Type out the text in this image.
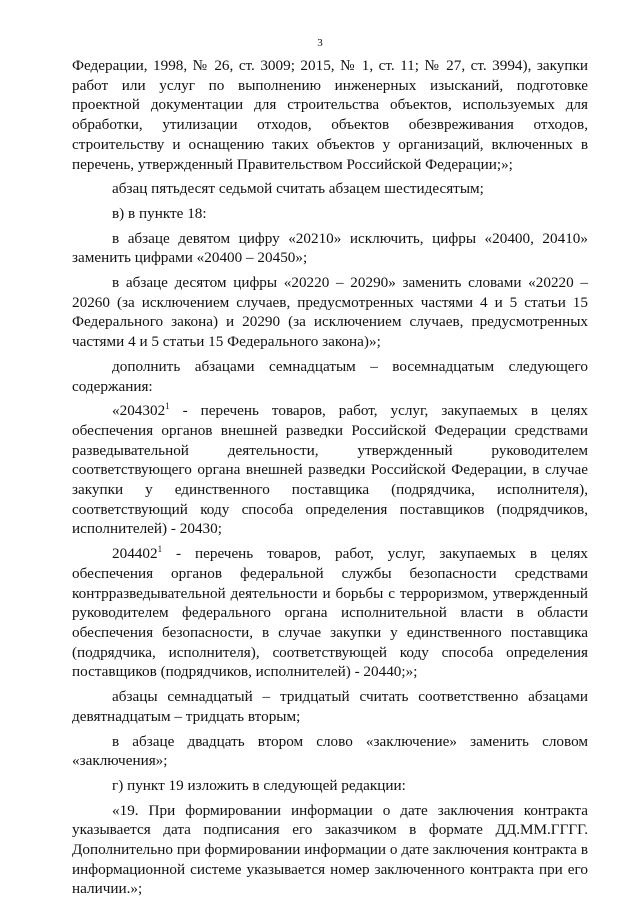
3

Федерации, 1998, № 26, ст. 3009; 2015, № 1, ст. 11; № 27, ст. 3994), закупки работ или услуг по выполнению инженерных изысканий, подготовке проектной документации для строительства объектов, используемых для обработки, утилизации отходов, объектов обезвреживания отходов, строительству и оснащению таких объектов у организаций, включенных в перечень, утвержденный Правительством Российской Федерации;»;

абзац пятьдесят седьмой считать абзацем шестидесятым;

в) в пункте 18:

в абзаце девятом цифру «20210» исключить, цифры «20400, 20410» заменить цифрами «20400 – 20450»;

в абзаце десятом цифры «20220 – 20290» заменить словами «20220 – 20260 (за исключением случаев, предусмотренных частями 4 и 5 статьи 15 Федерального закона) и 20290 (за исключением случаев, предусмотренных частями 4 и 5 статьи 15 Федерального закона)»;

дополнить абзацами семнадцатым – восемнадцатым следующего содержания:

«204302$^1$ - перечень товаров, работ, услуг, закупаемых в целях обеспечения органов внешней разведки Российской Федерации средствами разведывательной деятельности, утвержденный руководителем соответствующего органа внешней разведки Российской Федерации, в случае закупки у единственного поставщика (подрядчика, исполнителя), соответствующий коду способа определения поставщиков (подрядчиков, исполнителей) - 20430;

204402$^1$ - перечень товаров, работ, услуг, закупаемых в целях обеспечения органов федеральной службы безопасности средствами контрразведывательной деятельности и борьбы с терроризмом, утвержденный руководителем федерального органа исполнительной власти в области обеспечения безопасности, в случае закупки у единственного поставщика (подрядчика, исполнителя), соответствующей коду способа определения поставщиков (подрядчиков, исполнителей) - 20440;»;

абзацы семнадцатый – тридцатый считать соответственно абзацами девятнадцатым – тридцать вторым;

в абзаце двадцать втором слово «заключение» заменить словом «заключения»;

г) пункт 19 изложить в следующей редакции:

«19. При формировании информации о дате заключения контракта указывается дата подписания его заказчиком в формате ДД.ММ.ГГГГ. Дополнительно при формировании информации о дате заключения контракта в информационной системе указывается номер заключенного контракта при его наличии.»;
